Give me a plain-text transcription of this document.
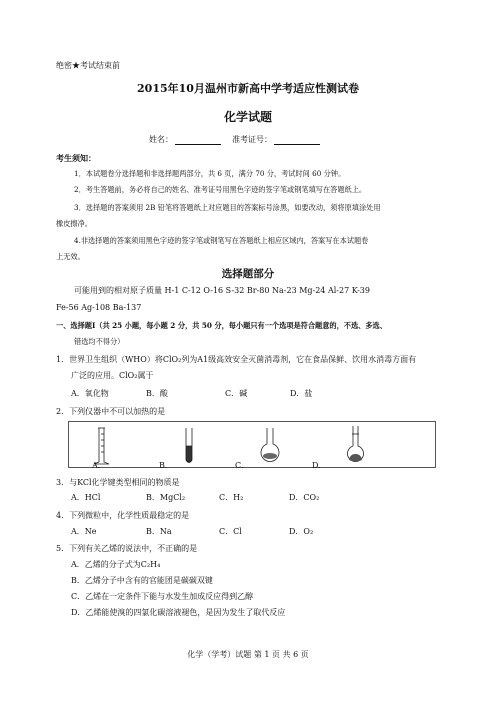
绝密★考试结束前
2015年10月温州市新高中学考适应性测试卷
化学试题
姓名：	准考证号：
考生须知：
1．本试题卷分选择题和非选择题两部分，共 6 页，满分 70 分，考试时间 60 分钟。
2．考生答题前，务必将自己的姓名、准考证号用黑色字迹的签字笔或钢笔填写在答题纸上。
3．选择题的答案须用 2B 铅笔将答题纸上对应题目的答案标号涂黑，如要改动，须将原填涂处用
橡皮擦净。
4.非选择题的答案须用黑色字迹的签字笔或钢笔写在答题纸上相应区域内，答案写在本试题卷
上无效。
选择题部分
可能用到的相对原子质量 H-1 C-12 O-16 S-32 Br-80 Na-23 Mg-24 Al-27 K-39
Fe-56 Ag-108 Ba-137
一、选择题Ⅰ（共 25 小题，每小题 2 分，共 50 分，每小题只有一个选项是符合题意的，不选、多选、
错选均不得分）
1．世界卫生组织（WHO）将ClO₂列为A1级高效安全灭菌消毒剂，它在食品保鲜、饮用水消毒方面有
广泛的应用。ClO₂属于
A．氧化物	B．酸	C．碱	D．盐
2．下列仪器中不可以加热的是
A．	B．	C．	D．
3．与KCl化学键类型相同的物质是
A．HCl	B．MgCl₂	C．H₂	D．CO₂
4．下列微粒中，化学性质最稳定的是
A．Ne	B．Na	C．Cl	D．O₂
5．下列有关乙烯的说法中，不正确的是
A．乙烯的分子式为C₂H₄
B．乙烯分子中含有的官能团是碳碳双键
C．乙烯在一定条件下能与水发生加成反应得到乙醇
D．乙烯能使溴的四氯化碳溶液褪色，是因为发生了取代反应
化学（学考）试题 第 1 页 共 6 页
